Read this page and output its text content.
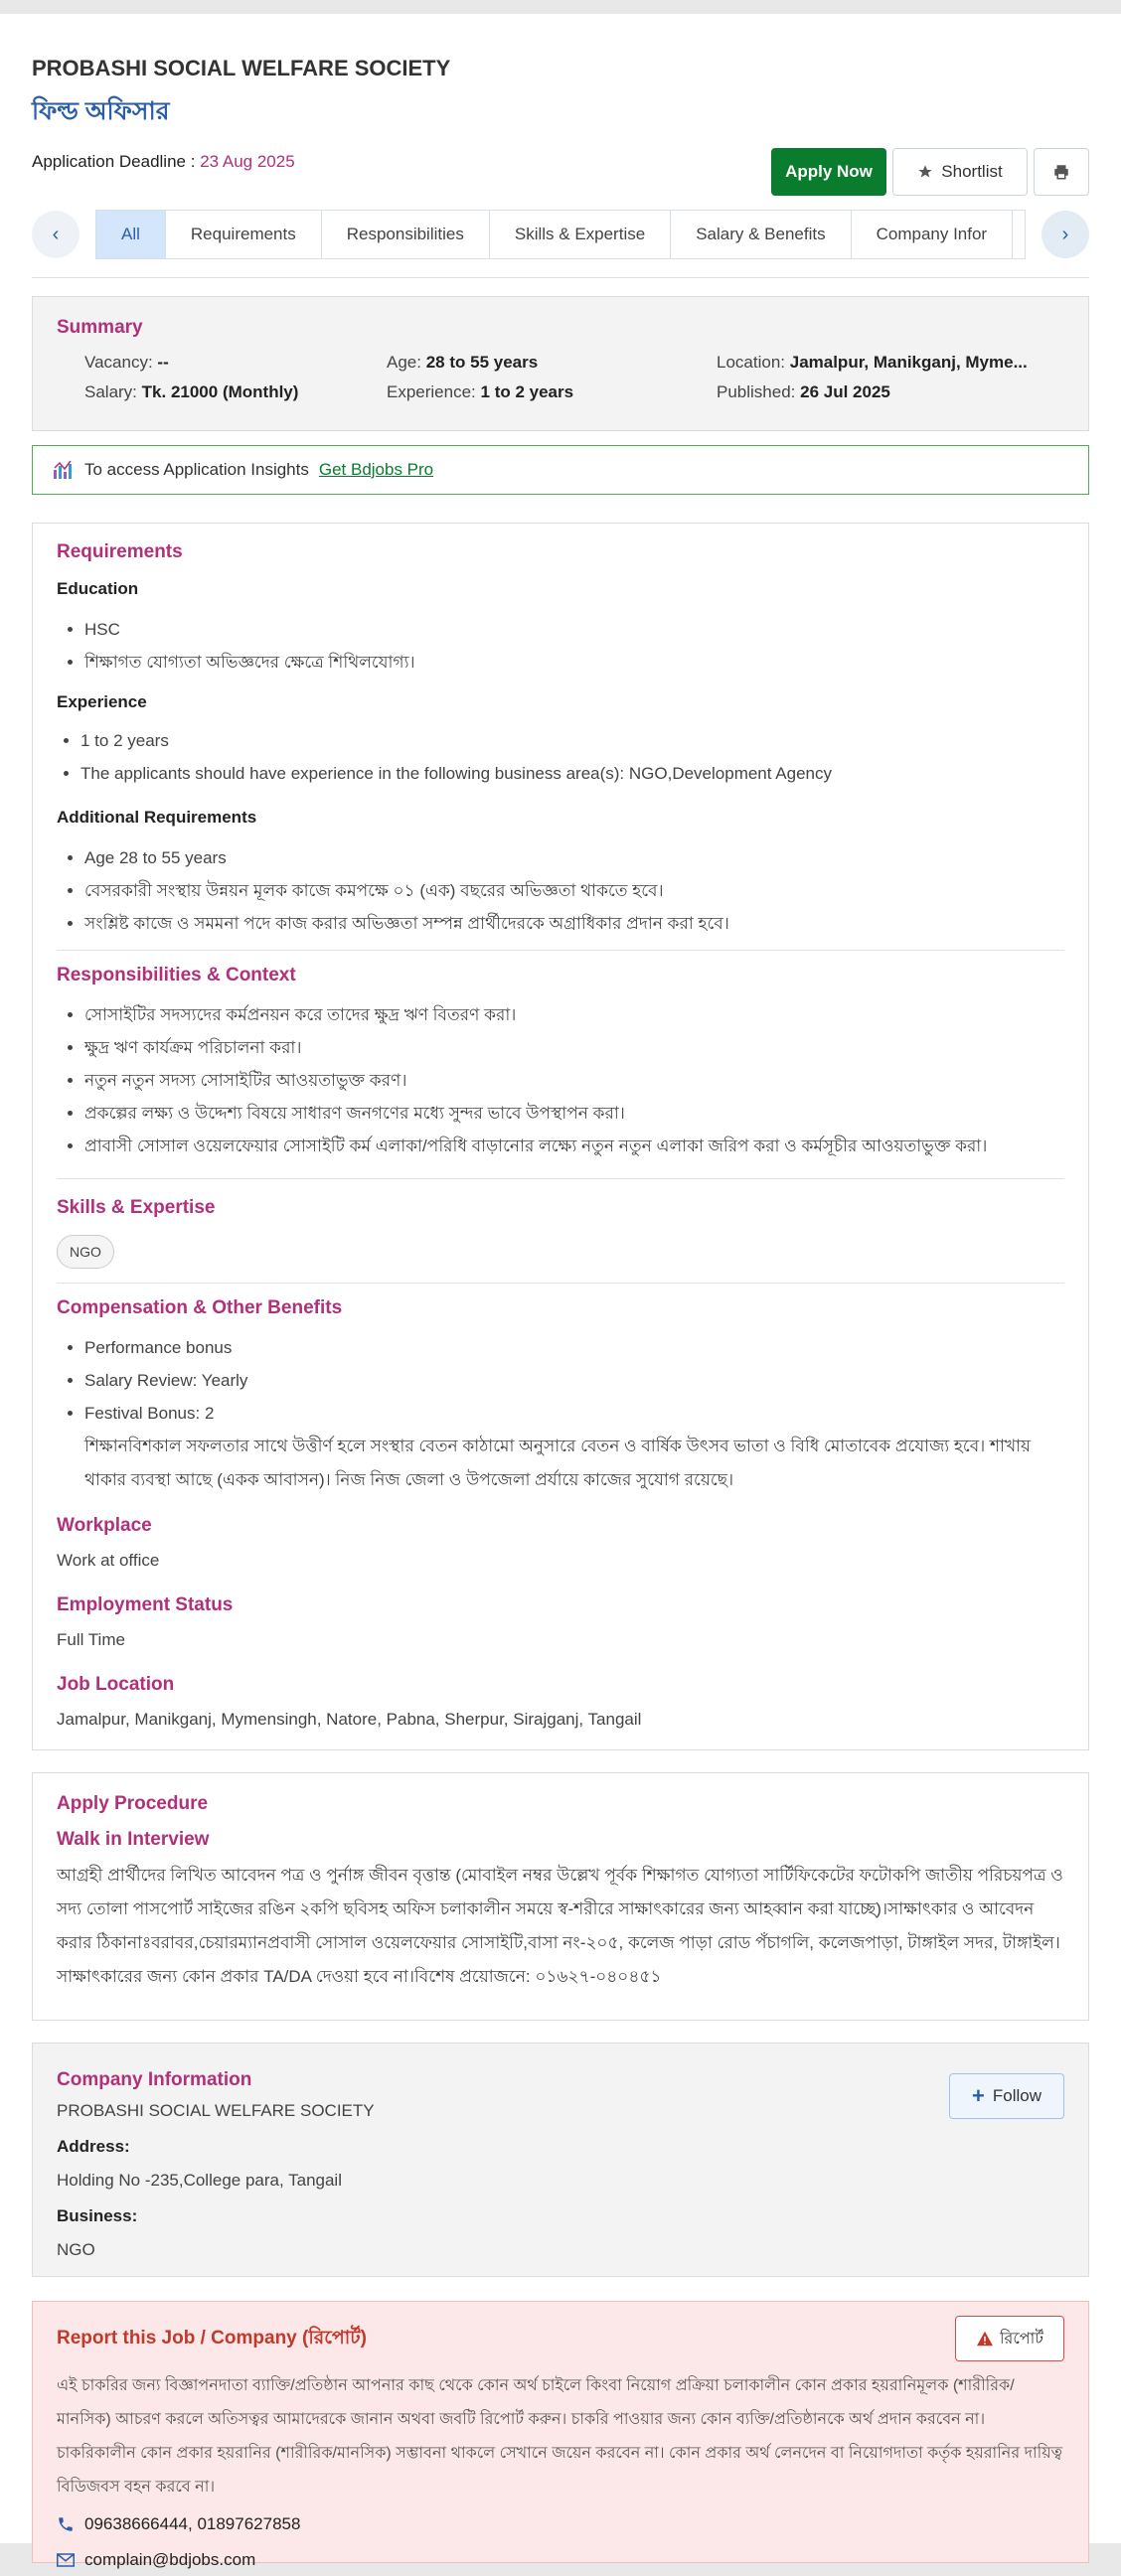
PROBASHI SOCIAL WELFARE SOCIETY
ফিল্ড অফিসার
Application Deadline : 23 Aug 2025
Apply Now	Shortlist
‹	All	Requirements	Responsibilities	Skills & Expertise	Salary & Benefits	Company Infor	›
Summary
Vacancy: --	Age: 28 to 55 years	Location: Jamalpur, Manikganj, Myme...
Salary: Tk. 21000 (Monthly)	Experience: 1 to 2 years	Published: 26 Jul 2025
To access Application Insights Get Bdjobs Pro
Requirements
Education
• HSC
• শিক্ষাগত যোগ্যতা অভিজ্ঞদের ক্ষেত্রে শিথিলযোগ্য।
Experience
• 1 to 2 years
• The applicants should have experience in the following business area(s): NGO,Development Agency
Additional Requirements
• Age 28 to 55 years
• বেসরকারী সংস্থায় উন্নয়ন মূলক কাজে কমপক্ষে ০১ (এক) বছরের অভিজ্ঞতা থাকতে হবে।
• সংশ্লিষ্ট কাজে ও সমমনা পদে কাজ করার অভিজ্ঞতা সম্পন্ন প্রার্থীদেরকে অগ্রাধিকার প্রদান করা হবে।
Responsibilities & Context
• সোসাইটির সদস্যদের কর্মপ্রনয়ন করে তাদের ক্ষুদ্র ঋণ বিতরণ করা।
• ক্ষুদ্র ঋণ কার্যক্রম পরিচালনা করা।
• নতুন নতুন সদস্য সোসাইটির আওয়তাভুক্ত করণ।
• প্রকল্পের লক্ষ্য ও উদ্দেশ্য বিষয়ে সাধারণ জনগণের মধ্যে সুন্দর ভাবে উপস্থাপন করা।
• প্রাবাসী সোসাল ওয়েলফেয়ার সোসাইটি কর্ম এলাকা/পরিধি বাড়ানোর লক্ষ্যে নতুন নতুন এলাকা জরিপ করা ও কর্মসূচীর আওয়তাভুক্ত করা।
Skills & Expertise
NGO
Compensation & Other Benefits
• Performance bonus
• Salary Review: Yearly
• Festival Bonus: 2
শিক্ষানবিশকাল সফলতার সাথে উত্তীর্ণ হলে সংস্থার বেতন কাঠামো অনুসারে বেতন ও বার্ষিক উৎসব ভাতা ও বিধি মোতাবেক প্রযোজ্য হবে। শাখায় থাকার ব্যবস্থা আছে (একক আবাসন)। নিজ নিজ জেলা ও উপজেলা প্রর্যায়ে কাজের সুযোগ রয়েছে।
Workplace
Work at office
Employment Status
Full Time
Job Location
Jamalpur, Manikganj, Mymensingh, Natore, Pabna, Sherpur, Sirajganj, Tangail
Apply Procedure
Walk in Interview
আগ্রহী প্রার্থীদের লিখিত আবেদন পত্র ও পুর্নাঙ্গ জীবন বৃত্তান্ত (মোবাইল নম্বর উল্লেখ পূর্বক শিক্ষাগত যোগ্যতা সার্টিফিকেটের ফটোকপি জাতীয় পরিচয়পত্র ও সদ্য তোলা পাসপোর্ট সাইজের রঙিন ২কপি ছবিসহ অফিস চলাকালীন সময়ে স্ব-শরীরে সাক্ষাৎকারের জন্য আহব্বান করা যাচ্ছে)।সাক্ষাৎকার ও আবেদন করার ঠিকানাঃবরাবর,চেয়ারম্যানপ্রবাসী সোসাল ওয়েলফেয়ার সোসাইটি,বাসা নং-২০৫, কলেজ পাড়া রোড পঁচাগলি, কলেজপাড়া, টাঙ্গাইল সদর, টাঙ্গাইল। সাক্ষাৎকারের জন্য কোন প্রকার TA/DA দেওয়া হবে না।বিশেষ প্রয়োজনে: ০১৬২৭-০৪০৪৫১
Company Information
+ Follow
PROBASHI SOCIAL WELFARE SOCIETY
Address:
Holding No -235,College para, Tangail
Business:
NGO
Report this Job / Company (রিপোর্ট)	রিপোর্ট
এই চাকরির জন্য বিজ্ঞাপনদাতা ব্যাক্তি/প্রতিষ্ঠান আপনার কাছ থেকে কোন অর্থ চাইলে কিংবা নিয়োগ প্রক্রিয়া চলাকালীন কোন প্রকার হয়রানিমূলক (শারীরিক/মানসিক) আচরণ করলে অতিসত্বর আমাদেরকে জানান অথবা জবটি রিপোর্ট করুন। চাকরি পাওয়ার জন্য কোন ব্যক্তি/প্রতিষ্ঠানকে অর্থ প্রদান করবেন না। চাকরিকালীন কোন প্রকার হয়রানির (শারীরিক/মানসিক) সম্ভাবনা থাকলে সেখানে জয়েন করবেন না। কোন প্রকার অর্থ লেনদেন বা নিয়োগদাতা কর্তৃক হয়রানির দায়িত্ব বিডিজবস বহন করবে না।
09638666444, 01897627858
complain@bdjobs.com
